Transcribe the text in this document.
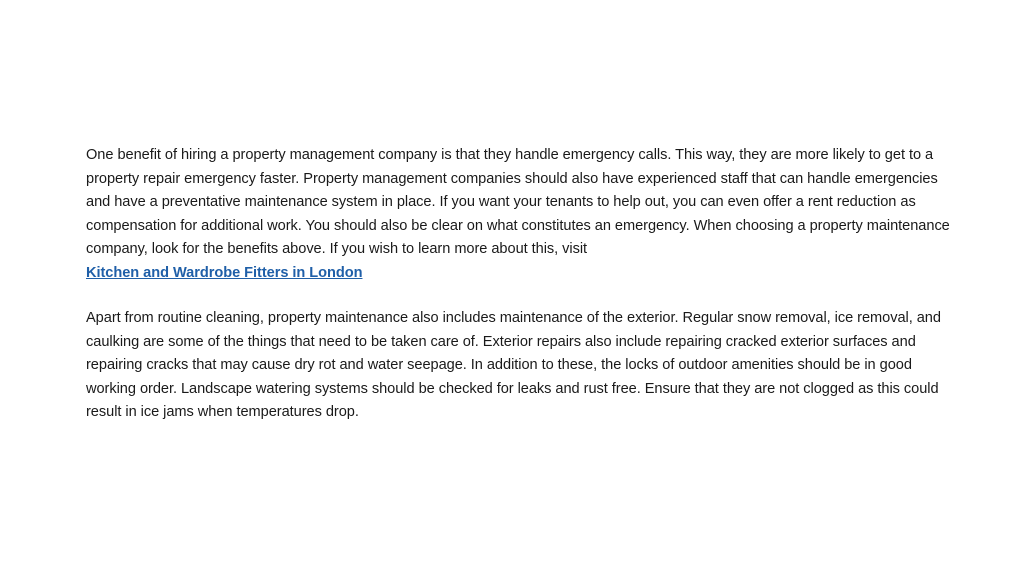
One benefit of hiring a property management company is that they handle emergency calls. This way, they are more likely to get to a property repair emergency faster. Property management companies should also have experienced staff that can handle emergencies and have a preventative maintenance system in place. If you want your tenants to help out, you can even offer a rent reduction as compensation for additional work. You should also be clear on what constitutes an emergency. When choosing a property maintenance company, look for the benefits above. If you wish to learn more about this, visit
Kitchen and Wardrobe Fitters in London

Apart from routine cleaning, property maintenance also includes maintenance of the exterior. Regular snow removal, ice removal, and caulking are some of the things that need to be taken care of. Exterior repairs also include repairing cracked exterior surfaces and repairing cracks that may cause dry rot and water seepage. In addition to these, the locks of outdoor amenities should be in good working order. Landscape watering systems should be checked for leaks and rust free. Ensure that they are not clogged as this could result in ice jams when temperatures drop.
